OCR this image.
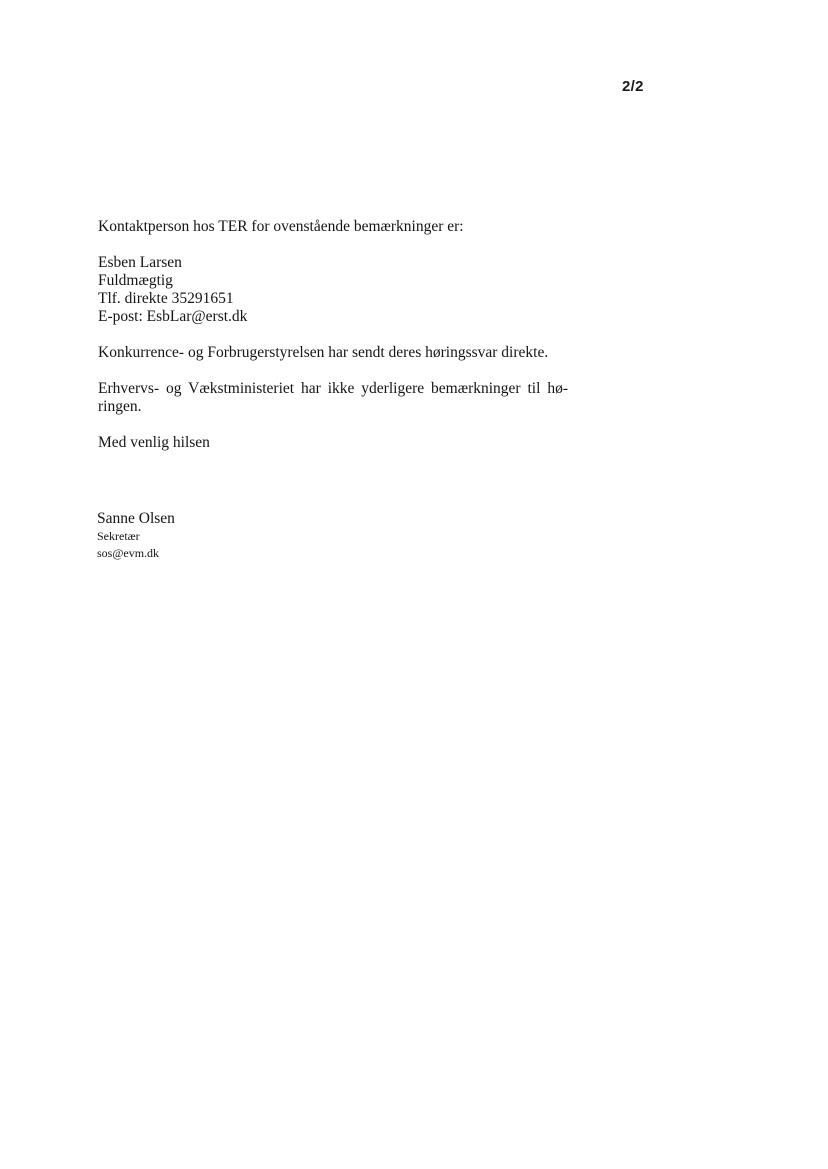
2/2
Kontaktperson hos TER for ovenstående bemærkninger er:
Esben Larsen
Fuldmægtig
Tlf. direkte 35291651
E-post: EsbLar@erst.dk
Konkurrence- og Forbrugerstyrelsen har sendt deres høringssvar direkte.
Erhvervs- og Vækstministeriet har ikke yderligere bemærkninger til hø-
ringen.
Med venlig hilsen
Sanne Olsen
Sekretær
sos@evm.dk
